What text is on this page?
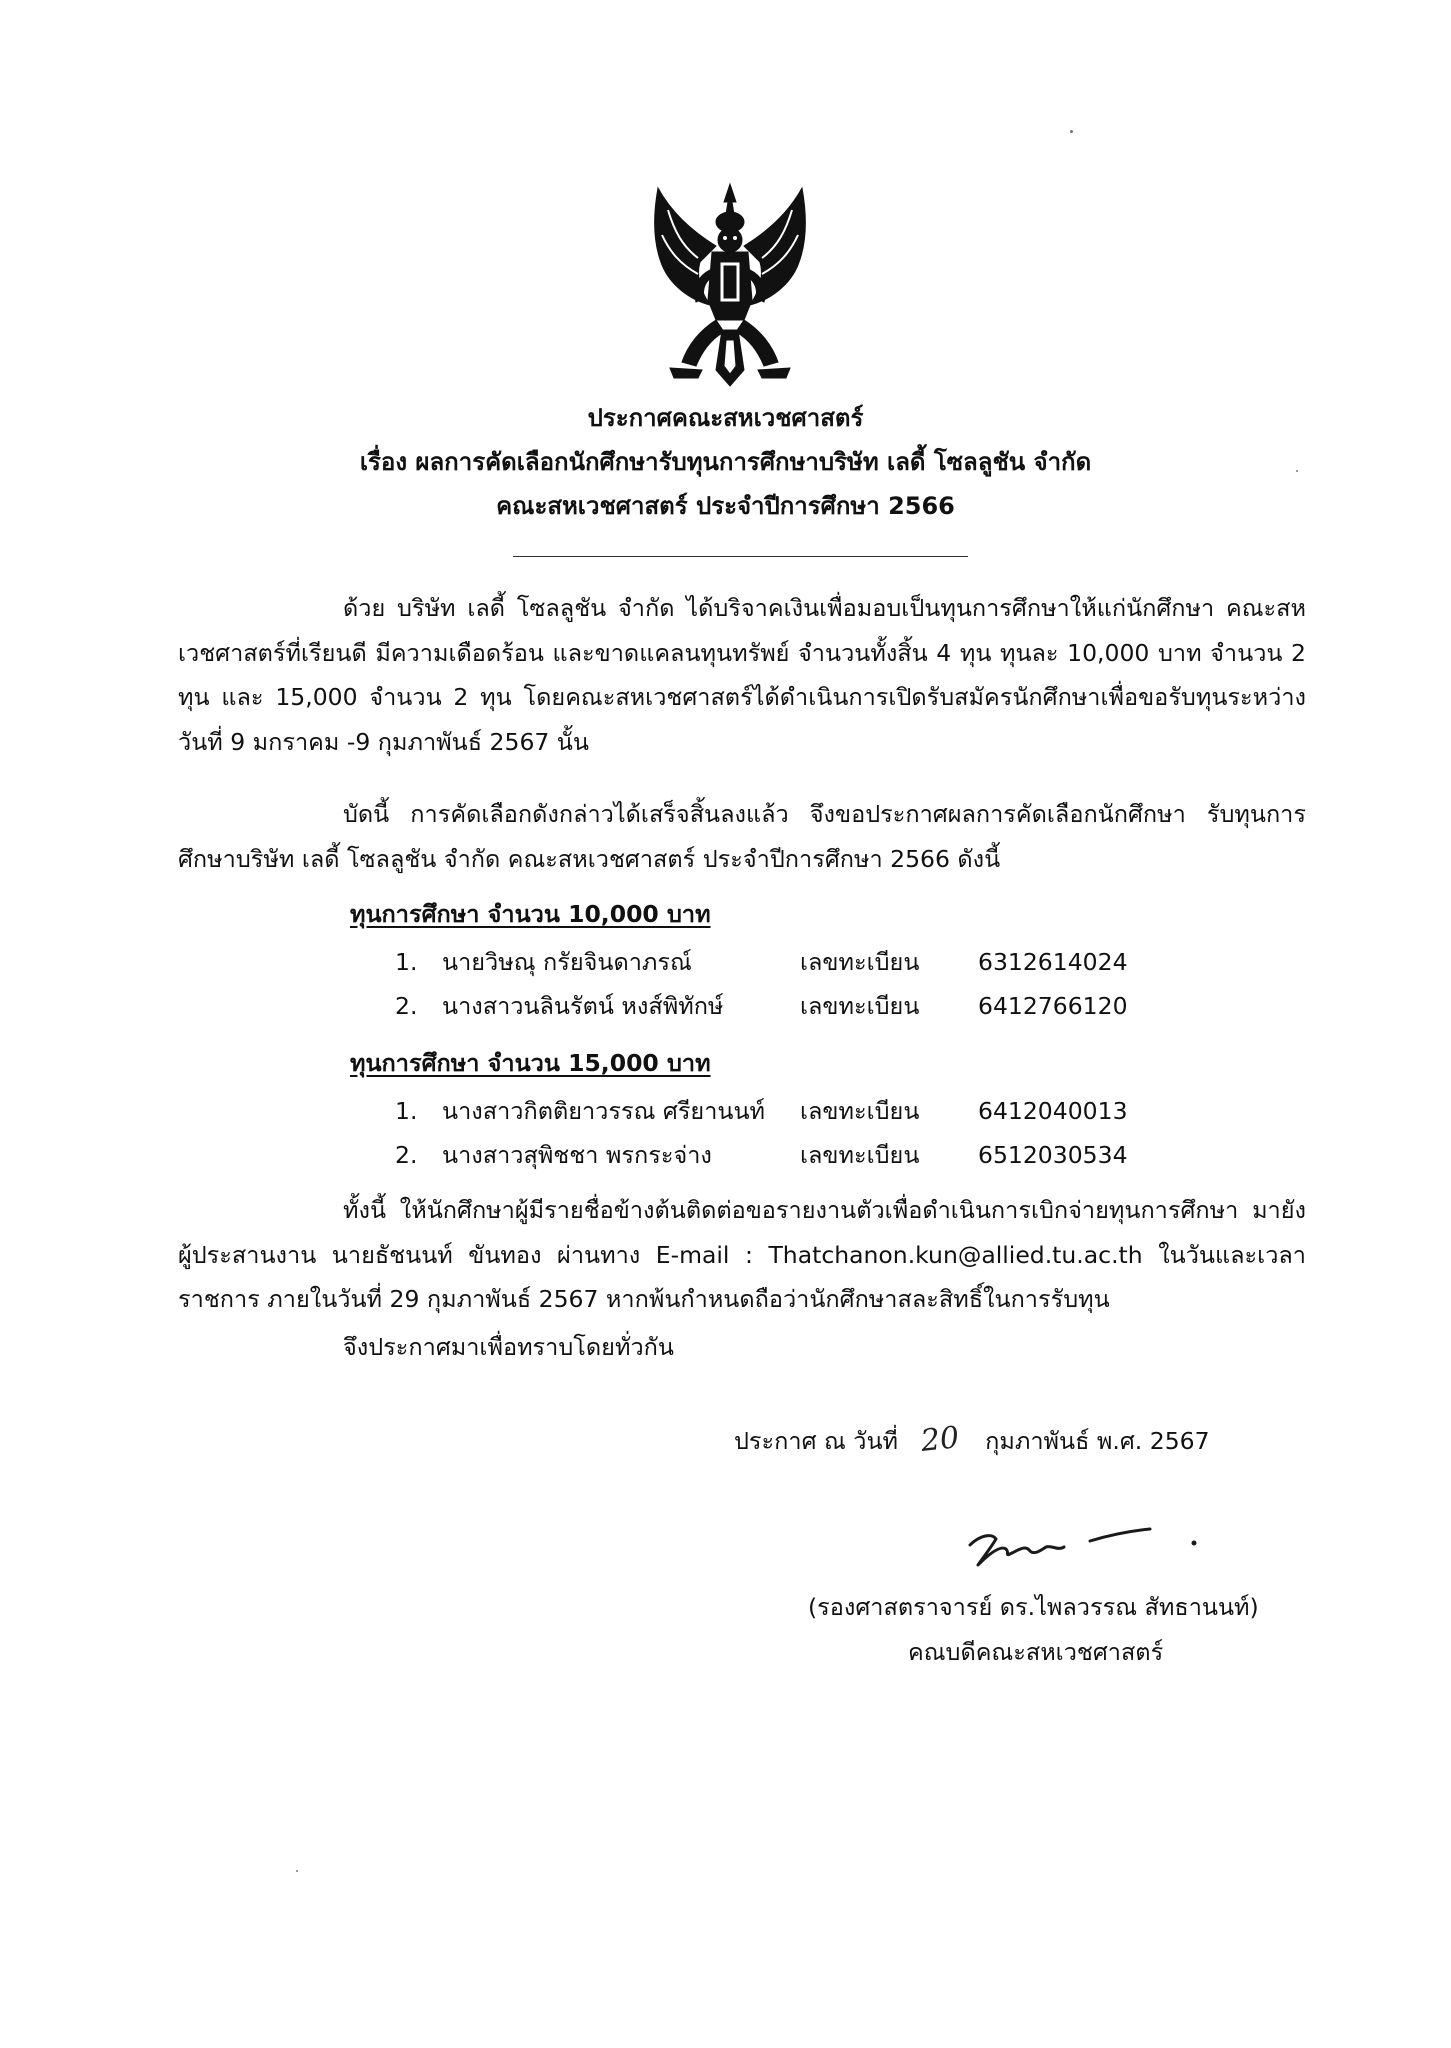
ประกาศคณะสหเวชศาสตร์
เรื่อง ผลการคัดเลือกนักศึกษารับทุนการศึกษาบริษัท เลดี้ โซลลูชัน จำกัด
คณะสหเวชศาสตร์ ประจำปีการศึกษา 2566
ด้วย บริษัท เลดี้ โซลลูชัน จำกัด ได้บริจาคเงินเพื่อมอบเป็นทุนการศึกษาให้แก่นักศึกษา คณะสหเวชศาสตร์ที่เรียนดี มีความเดือดร้อน และขาดแคลนทุนทรัพย์ จำนวนทั้งสิ้น 4 ทุน ทุนละ 10,000 บาท จำนวน 2 ทุน และ 15,000 จำนวน 2 ทุน โดยคณะสหเวชศาสตร์ได้ดำเนินการเปิดรับสมัครนักศึกษาเพื่อขอรับทุนระหว่างวันที่ 9 มกราคม -9 กุมภาพันธ์ 2567 นั้น
บัดนี้ การคัดเลือกดังกล่าวได้เสร็จสิ้นลงแล้ว จึงขอประกาศผลการคัดเลือกนักศึกษา รับทุนการศึกษาบริษัท เลดี้ โซลลูชัน จำกัด คณะสหเวชศาสตร์ ประจำปีการศึกษา 2566 ดังนี้
ทุนการศึกษา จำนวน 10,000 บาท
1.	นายวิษณุ กรัยจินดาภรณ์	เลขทะเบียน 6312614024
2.	นางสาวนลินรัตน์ หงส์พิทักษ์	เลขทะเบียน 6412766120
ทุนการศึกษา จำนวน 15,000 บาท
1.	นางสาวกิตติยาวรรณ ศรียานนท์ เลขทะเบียน 6412040013
2.	นางสาวสุพิชชา พรกระจ่าง	เลขทะเบียน 6512030534
ทั้งนี้ ให้นักศึกษาผู้มีรายชื่อข้างต้นติดต่อขอรายงานตัวเพื่อดำเนินการเบิกจ่ายทุนการศึกษา มายังผู้ประสานงาน นายธัชนนท์ ขันทอง ผ่านทาง E-mail : Thatchanon.kun@allied.tu.ac.th ในวันและเวลาราชการ ภายในวันที่ 29 กุมภาพันธ์ 2567 หากพ้นกำหนดถือว่านักศึกษาสละสิทธิ์ในการรับทุน
จึงประกาศมาเพื่อทราบโดยทั่วกัน
ประกาศ ณ วันที่ 20 กุมภาพันธ์ พ.ศ. 2567
(รองศาสตราจารย์ ดร.ไพลวรรณ สัทธานนท์)
คณบดีคณะสหเวชศาสตร์
